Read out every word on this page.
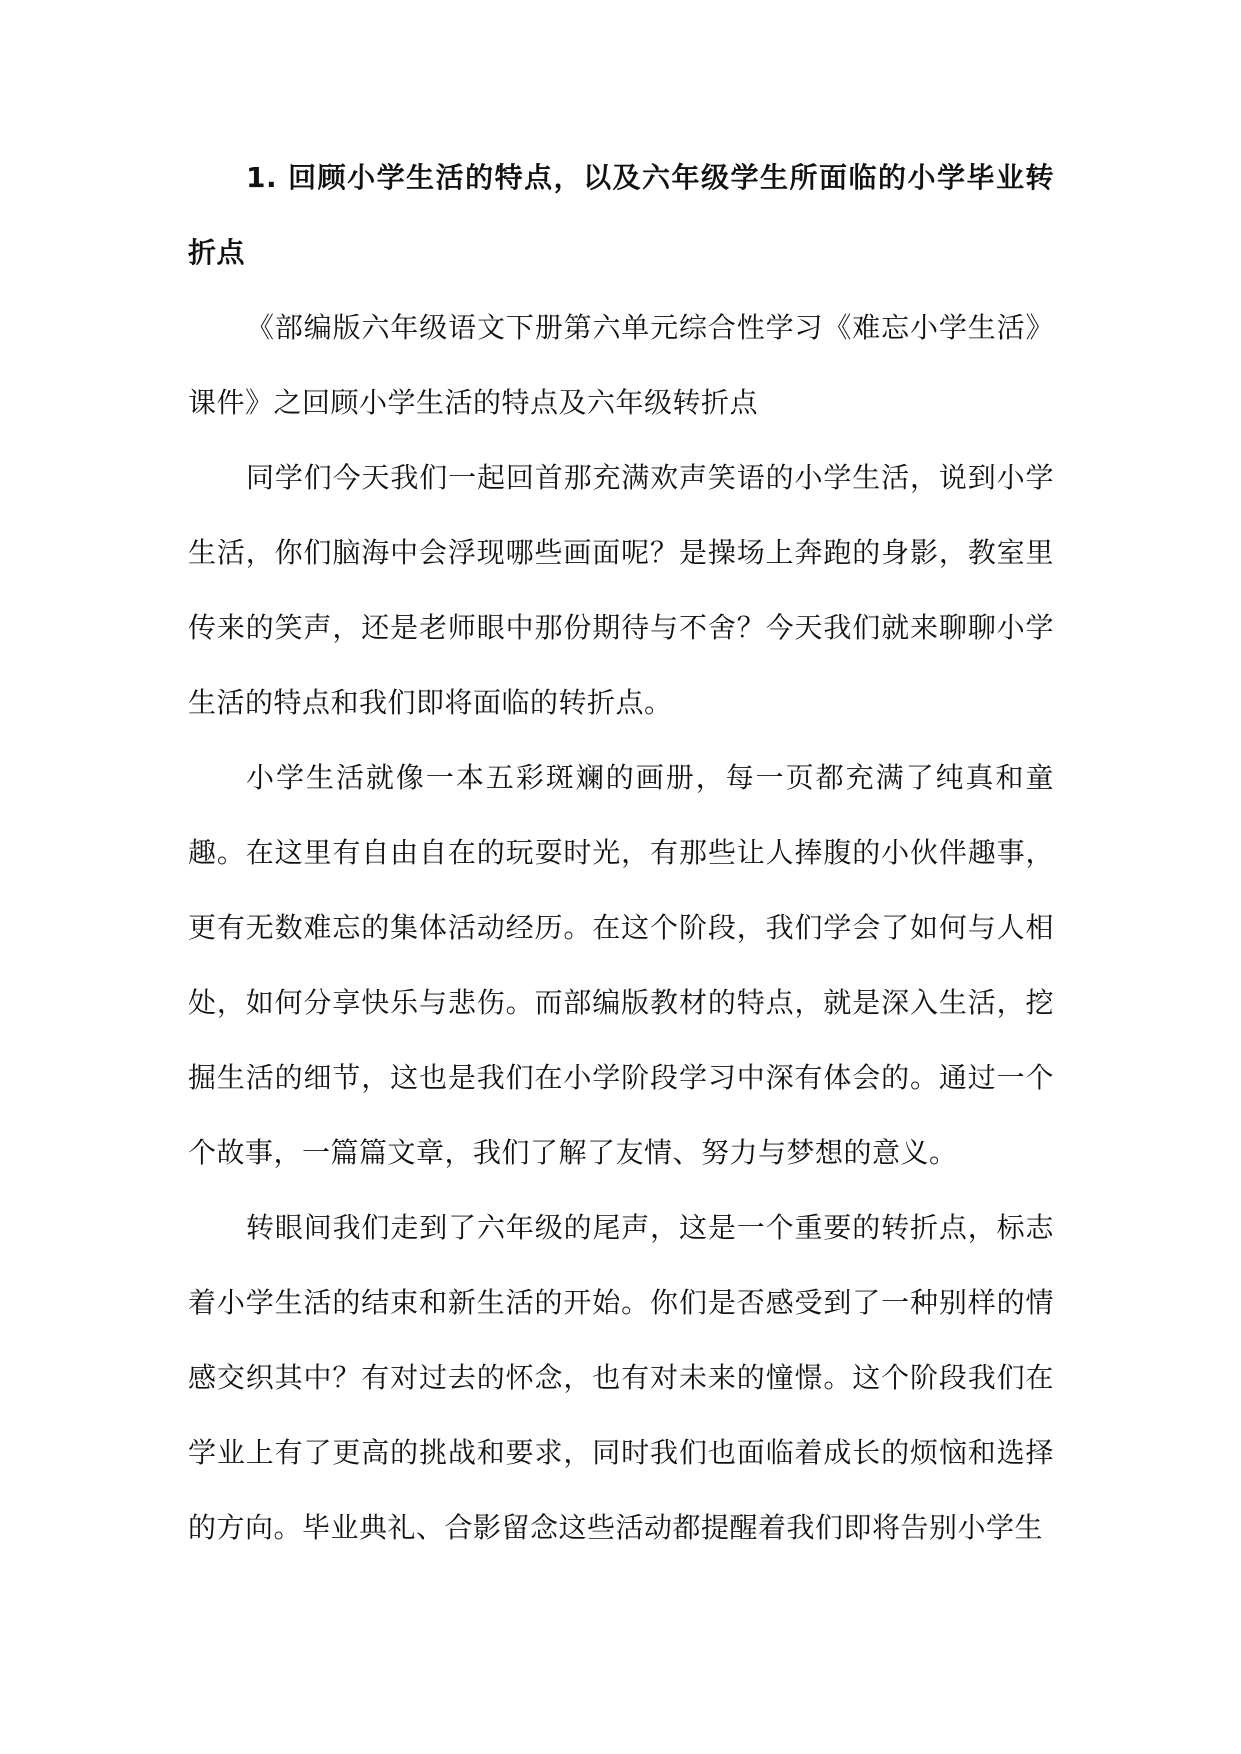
1. 回顾小学生活的特点，以及六年级学生所面临的小学毕业转折点

《部编版六年级语文下册第六单元综合性学习《难忘小学生活》课件》之回顾小学生活的特点及六年级转折点

同学们今天我们一起回首那充满欢声笑语的小学生活，说到小学生活，你们脑海中会浮现哪些画面呢？是操场上奔跑的身影，教室里传来的笑声，还是老师眼中那份期待与不舍？今天我们就来聊聊小学生活的特点和我们即将面临的转折点。

小学生活就像一本五彩斑斓的画册，每一页都充满了纯真和童趣。在这里有自由自在的玩耍时光，有那些让人捧腹的小伙伴趣事，更有无数难忘的集体活动经历。在这个阶段，我们学会了如何与人相处，如何分享快乐与悲伤。而部编版教材的特点，就是深入生活，挖掘生活的细节，这也是我们在小学阶段学习中深有体会的。通过一个个故事，一篇篇文章，我们了解了友情、努力与梦想的意义。

转眼间我们走到了六年级的尾声，这是一个重要的转折点，标志着小学生活的结束和新生活的开始。你们是否感受到了一种别样的情感交织其中？有对过去的怀念，也有对未来的憧憬。这个阶段我们在学业上有了更高的挑战和要求，同时我们也面临着成长的烦恼和选择的方向。毕业典礼、合影留念这些活动都提醒着我们即将告别小学生
